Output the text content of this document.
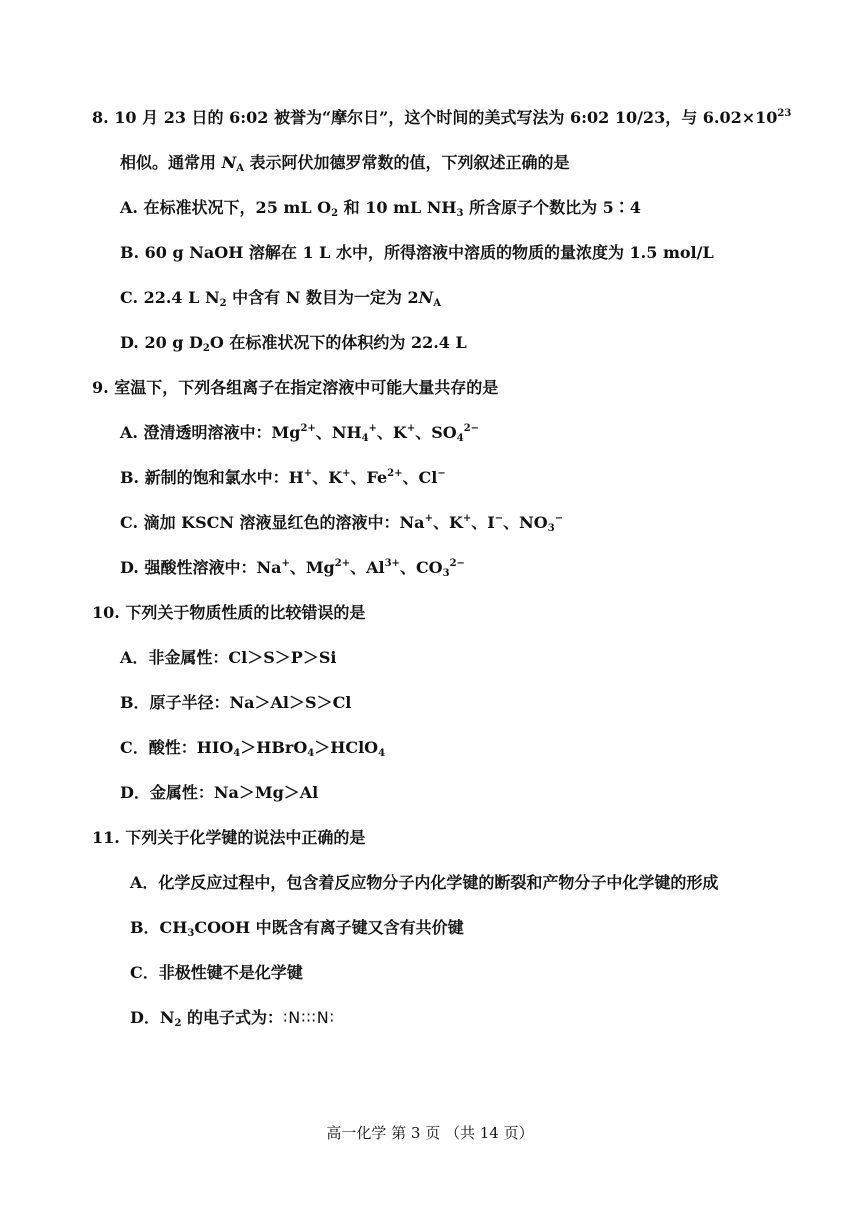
8. 10 月 23 日的 6:02 被誉为“摩尔日”，这个时间的美式写法为 6:02 10/23，与 $6.02\times 10^{23}$
相似。通常用 $N_A$ 表示阿伏加德罗常数的值，下列叙述正确的是
A. 在标准状况下，25 mL $O_2$ 和 10 mL $NH_3$ 所含原子个数比为 5∶4
B. 60 g NaOH 溶解在 1 L 水中，所得溶液中溶质的物质的量浓度为 1.5 mol/L
C. 22.4 L $N_2$ 中含有 N 数目为一定为 $2N_A$
D. 20 g $D_2O$ 在标准状况下的体积约为 22.4 L
9. 室温下，下列各组离子在指定溶液中可能大量共存的是
A. 澄清透明溶液中：$Mg^{2+}$、$NH_4^+$、K+、$SO_4^{2-}$
B. 新制的饱和氯水中：H+、K+、$Fe^{2+}$、Cl−
C. 滴加 KSCN 溶液显红色的溶液中：Na+、K+、I−、$NO_3^-$
D. 强酸性溶液中：Na+、$Mg^{2+}$、$Al^{3+}$、$CO_3^{2-}$
10. 下列关于物质性质的比较错误的是
A．非金属性：Cl＞S＞P＞Si
B．原子半径：Na＞Al＞S＞Cl
C．酸性：$HIO_4>HBrO_4>HClO_4$
D．金属性：Na＞Mg＞Al
11. 下列关于化学键的说法中正确的是
A．化学反应过程中，包含着反应物分子内化学键的断裂和产物分子中化学键的形成
B．$CH_3COOH$ 中既含有离子键又含有共价键
C．非极性键不是化学键
D．$N_2$ 的电子式为：∶N∶∶∶N∶
高一化学 第 3 页 （共 14 页）
